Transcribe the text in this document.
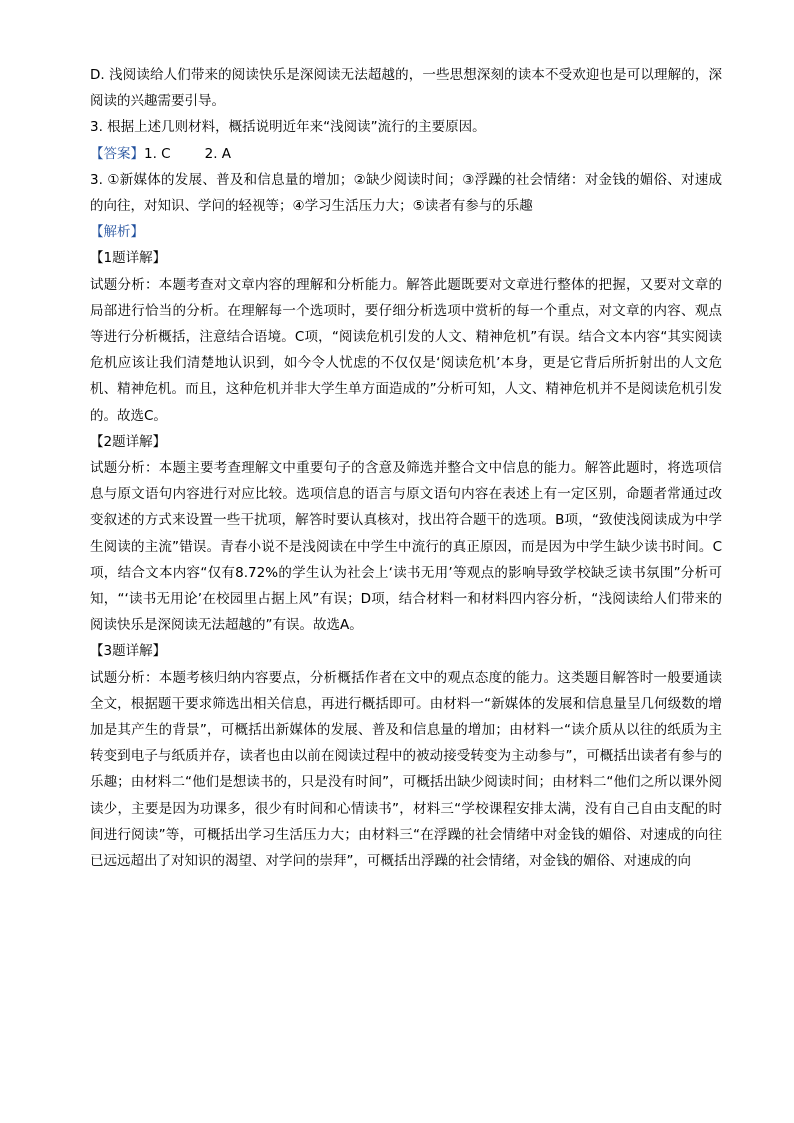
D. 浅阅读给人们带来的阅读快乐是深阅读无法超越的，一些思想深刻的读本不受欢迎也是可以理解的，深阅读的兴趣需要引导。

3. 根据上述几则材料，概括说明近年来“浅阅读”流行的主要原因。

【答案】1. C	2. A

3. ①新媒体的发展、普及和信息量的增加；②缺少阅读时间；③浮躁的社会情绪：对金钱的媚俗、对速成的向往，对知识、学问的轻视等；④学习生活压力大；⑤读者有参与的乐趣

【解析】

【1题详解】

试题分析：本题考查对文章内容的理解和分析能力。解答此题既要对文章进行整体的把握，又要对文章的局部进行恰当的分析。在理解每一个选项时，要仔细分析选项中赏析的每一个重点，对文章的内容、观点等进行分析概括，注意结合语境。C项，“阅读危机引发的人文、精神危机”有误。结合文本内容“其实阅读危机应该让我们清楚地认识到，如今令人忧虑的不仅仅是‘阅读危机’本身，更是它背后所折射出的人文危机、精神危机。而且，这种危机并非大学生单方面造成的”分析可知，人文、精神危机并不是阅读危机引发的。故选C。

【2题详解】

试题分析：本题主要考查理解文中重要句子的含意及筛选并整合文中信息的能力。解答此题时，将选项信息与原文语句内容进行对应比较。选项信息的语言与原文语句内容在表述上有一定区别，命题者常通过改变叙述的方式来设置一些干扰项，解答时要认真核对，找出符合题干的选项。B项，“致使浅阅读成为中学生阅读的主流”错误。青春小说不是浅阅读在中学生中流行的真正原因，而是因为中学生缺少读书时间。C项，结合文本内容“仅有8.72%的学生认为社会上‘读书无用’等观点的影响导致学校缺乏读书氛围”分析可知，“‘读书无用论’在校园里占据上风”有误；D项，结合材料一和材料四内容分析，“浅阅读给人们带来的阅读快乐是深阅读无法超越的”有误。故选A。

【3题详解】

试题分析：本题考核归纳内容要点，分析概括作者在文中的观点态度的能力。这类题目解答时一般要通读全文，根据题干要求筛选出相关信息，再进行概括即可。由材料一“新媒体的发展和信息量呈几何级数的增加是其产生的背景”，可概括出新媒体的发展、普及和信息量的增加；由材料一“读介质从以往的纸质为主转变到电子与纸质并存，读者也由以前在阅读过程中的被动接受转变为主动参与”，可概括出读者有参与的乐趣；由材料二“他们是想读书的，只是没有时间”，可概括出缺少阅读时间；由材料二“他们之所以课外阅读少，主要是因为功课多，很少有时间和心情读书”，材料三“学校课程安排太满，没有自己自由支配的时间进行阅读”等，可概括出学习生活压力大；由材料三“在浮躁的社会情绪中对金钱的媚俗、对速成的向往已远远超出了对知识的渴望、对学问的崇拜”，可概括出浮躁的社会情绪，对金钱的媚俗、对速成的向
